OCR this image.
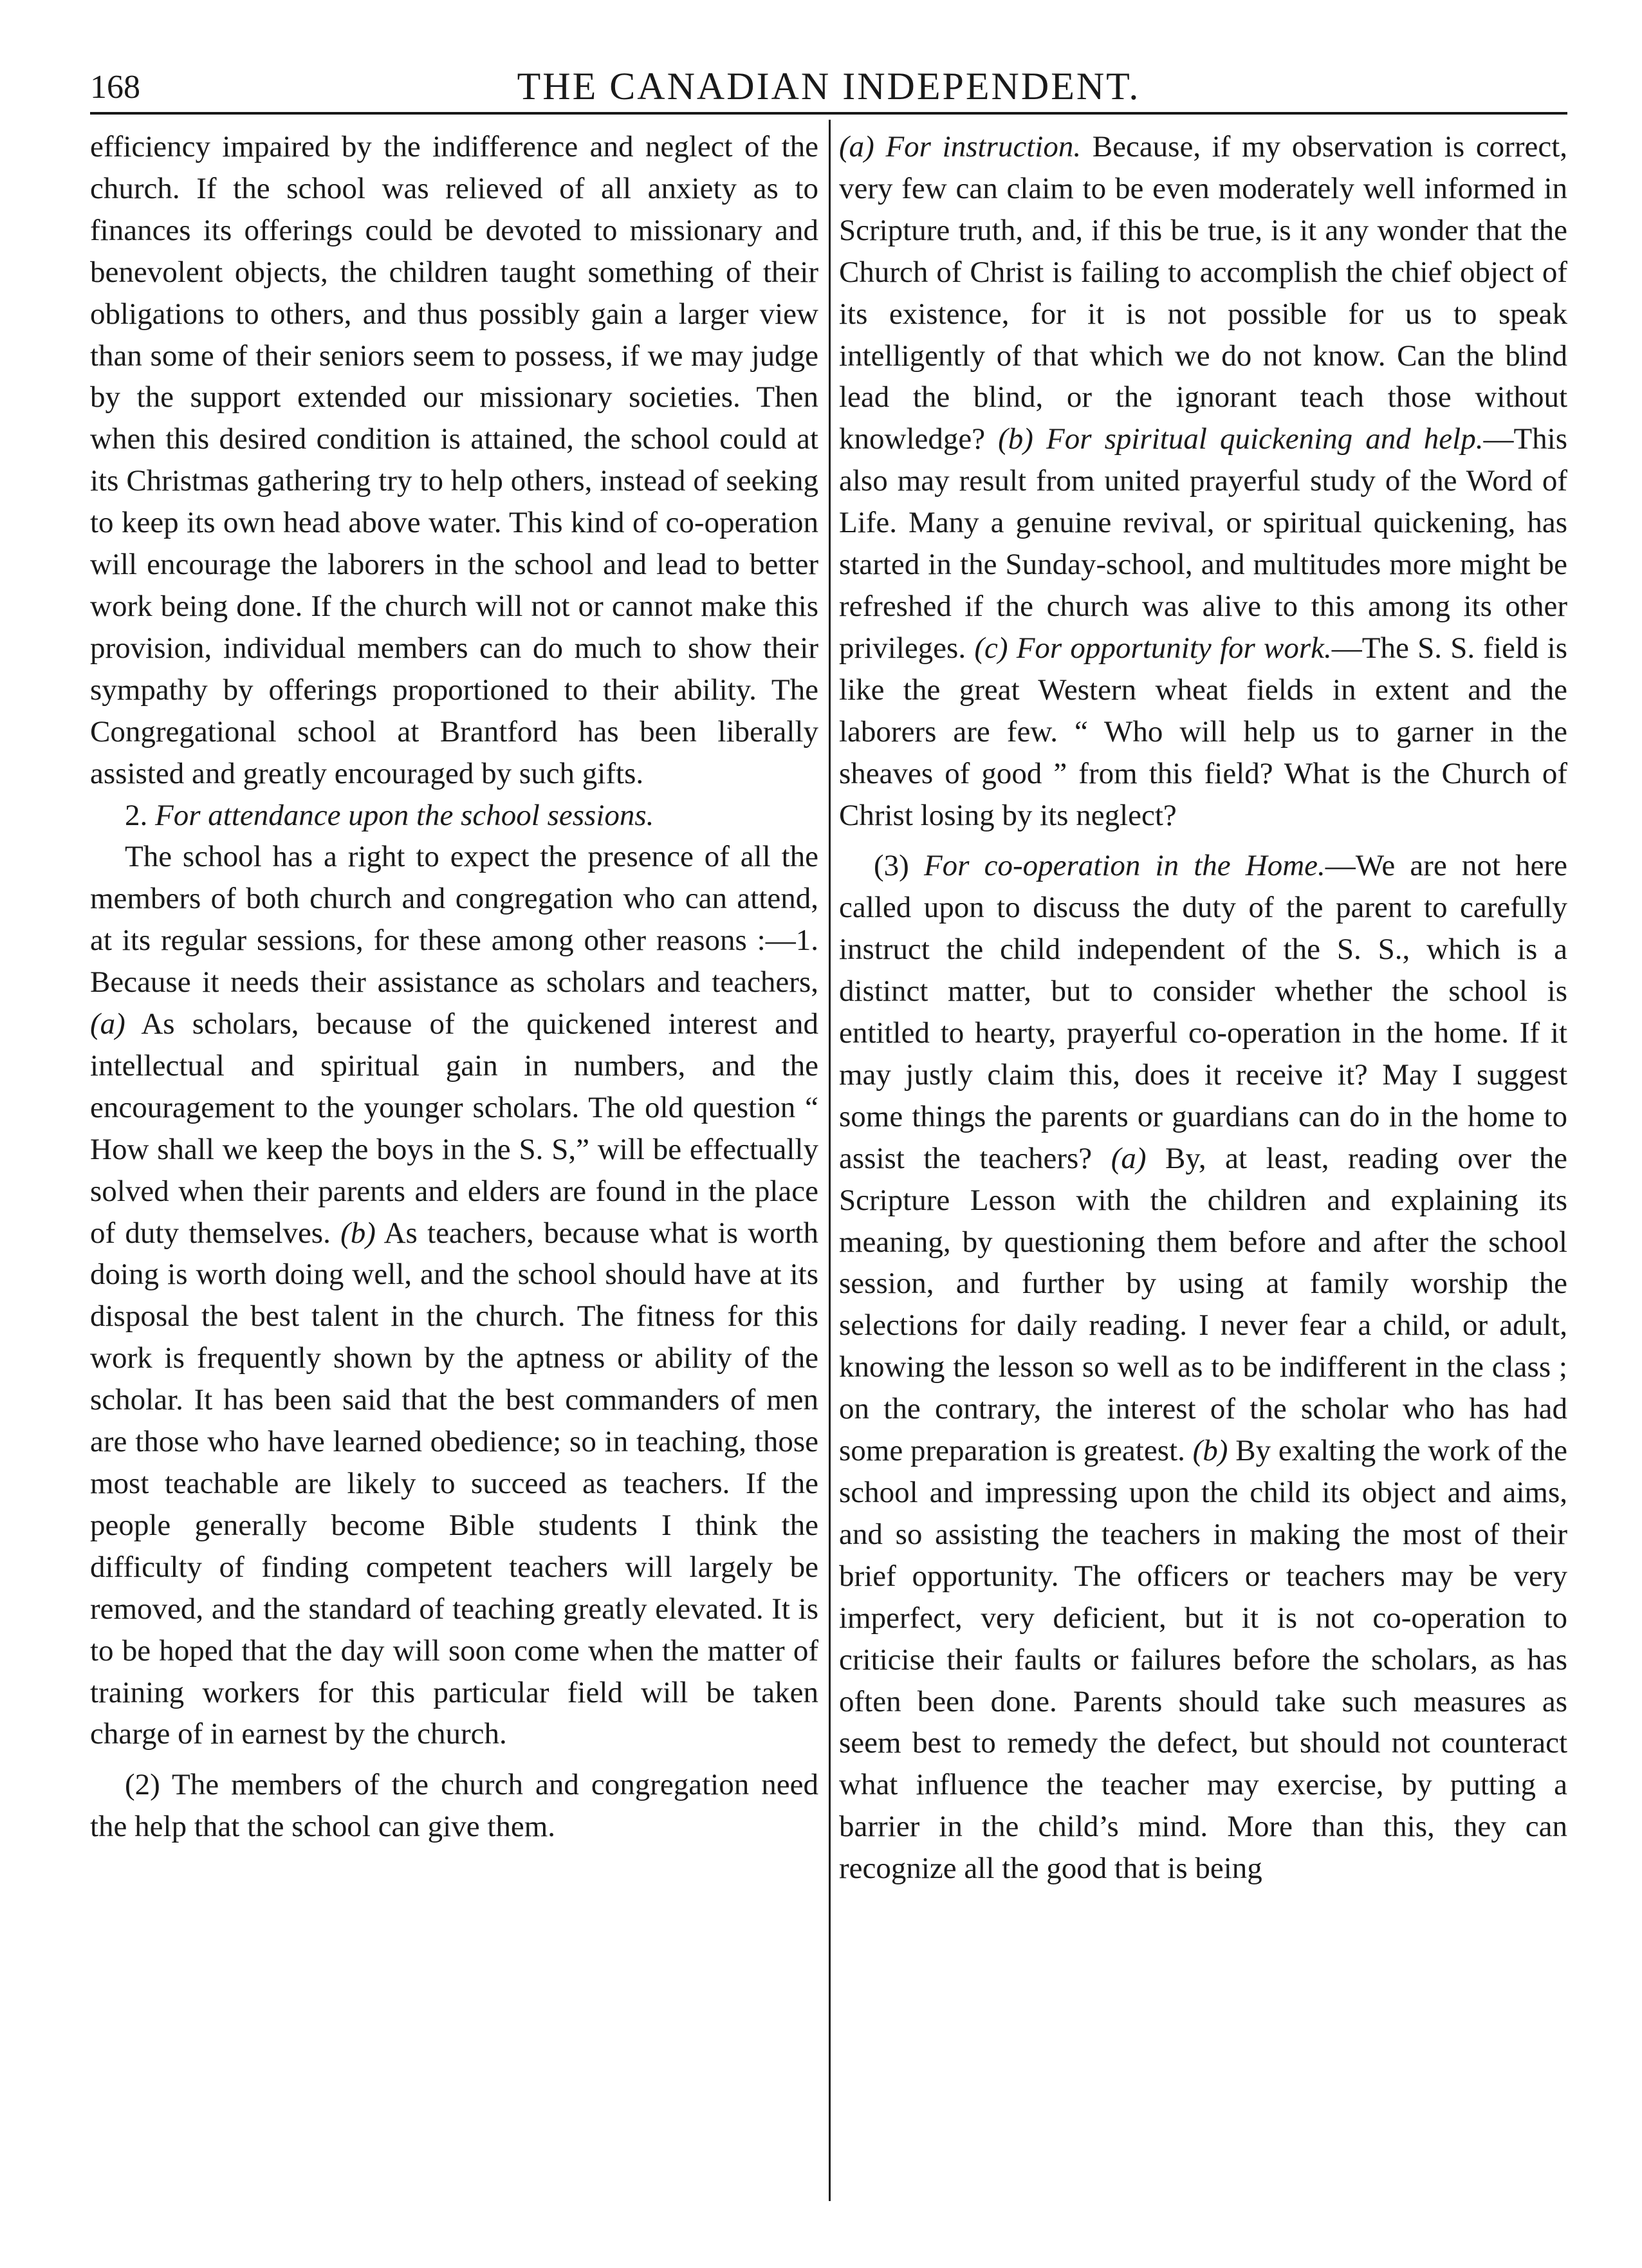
168	THE CANADIAN INDEPENDENT.

efficiency impaired by the indifference and neglect of the church. If the school was relieved of all anxiety as to finances its offerings could be devoted to missionary and benevolent objects, the children taught something of their obligations to others, and thus possibly gain a larger view than some of their seniors seem to possess, if we may judge by the support extended our missionary societies. Then when this desired condition is attained, the school could at its Christmas gathering try to help others, instead of seeking to keep its own head above water. This kind of co-operation will encourage the laborers in the school and lead to better work being done. If the church will not or cannot make this provision, individual members can do much to show their sympathy by offerings proportioned to their ability. The Congregational school at Brantford has been liberally assisted and greatly encouraged by such gifts.

2. For attendance upon the school sessions.

The school has a right to expect the presence of all the members of both church and congregation who can attend, at its regular sessions, for these among other reasons :—1. Because it needs their assistance as scholars and teachers, (a) As scholars, because of the quickened interest and intellectual and spiritual gain in numbers, and the encouragement to the younger scholars. The old question “ How shall we keep the boys in the S. S,” will be effectually solved when their parents and elders are found in the place of duty themselves. (b) As teachers, because what is worth doing is worth doing well, and the school should have at its disposal the best talent in the church. The fitness for this work is frequently shown by the aptness or ability of the scholar. It has been said that the best commanders of men are those who have learned obedience; so in teaching, those most teachable are likely to succeed as teachers. If the people generally become Bible students I think the difficulty of finding competent teachers will largely be removed, and the standard of teaching greatly elevated. It is to be hoped that the day will soon come when the matter of training workers for this particular field will be taken charge of in earnest by the church.

(2) The members of the church and congregation need the help that the school can give them.

(a) For instruction. Because, if my observation is correct, very few can claim to be even moderately well informed in Scripture truth, and, if this be true, is it any wonder that the Church of Christ is failing to accomplish the chief object of its existence, for it is not possible for us to speak intelligently of that which we do not know. Can the blind lead the blind, or the ignorant teach those without knowledge? (b) For spiritual quickening and help.—This also may result from united prayerful study of the Word of Life. Many a genuine revival, or spiritual quickening, has started in the Sunday-school, and multitudes more might be refreshed if the church was alive to this among its other privileges. (c) For opportunity for work.—The S. S. field is like the great Western wheat fields in extent and the laborers are few. “ Who will help us to garner in the sheaves of good ” from this field? What is the Church of Christ losing by its neglect?

(3) For co-operation in the Home.—We are not here called upon to discuss the duty of the parent to carefully instruct the child independent of the S. S., which is a distinct matter, but to consider whether the school is entitled to hearty, prayerful co-operation in the home. If it may justly claim this, does it receive it? May I suggest some things the parents or guardians can do in the home to assist the teachers? (a) By, at least, reading over the Scripture Lesson with the children and explaining its meaning, by questioning them before and after the school session, and further by using at family worship the selections for daily reading. I never fear a child, or adult, knowing the lesson so well as to be indifferent in the class ; on the contrary, the interest of the scholar who has had some preparation is greatest. (b) By exalting the work of the school and impressing upon the child its object and aims, and so assisting the teachers in making the most of their brief opportunity. The officers or teachers may be very imperfect, very deficient, but it is not co-operation to criticise their faults or failures before the scholars, as has often been done. Parents should take such measures as seem best to remedy the defect, but should not counteract what influence the teacher may exercise, by putting a barrier in the child’s mind. More than this, they can recognize all the good that is being
